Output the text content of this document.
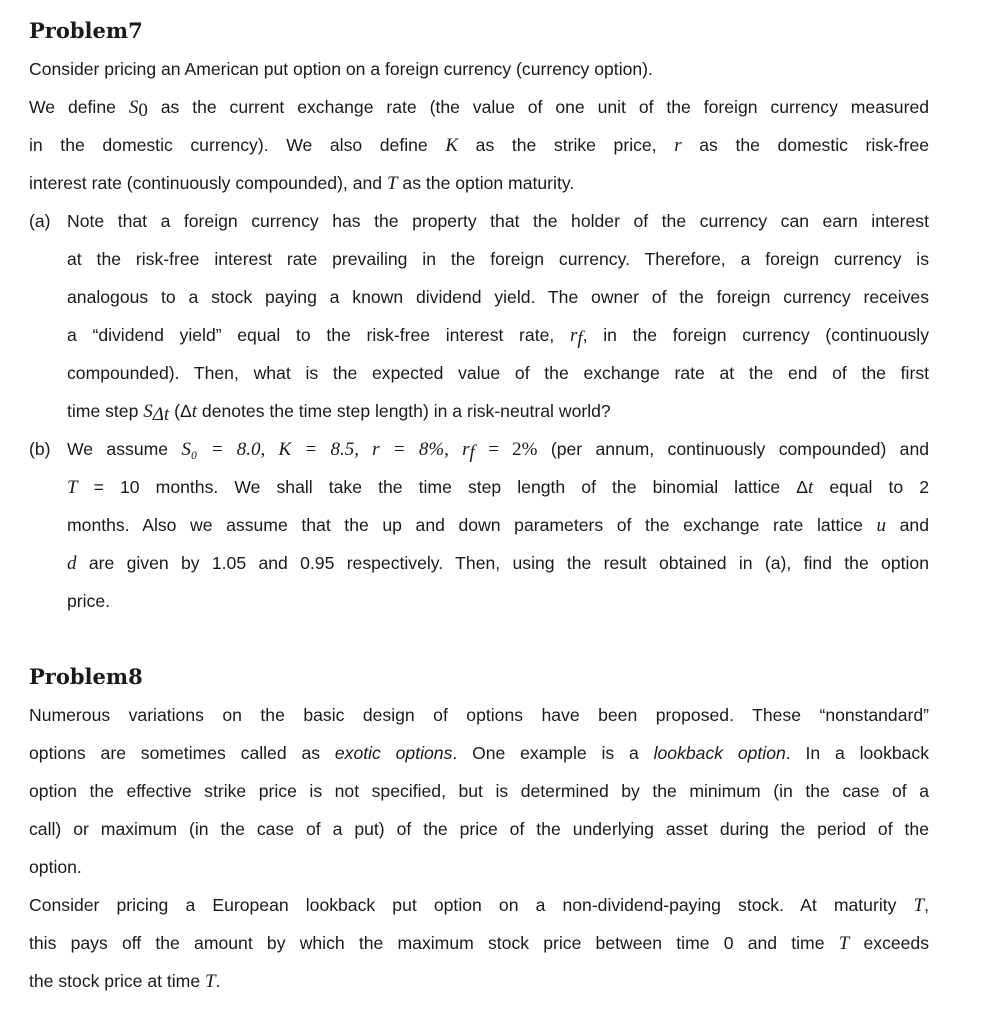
Problem7
Consider pricing an American put option on a foreign currency (currency option).
We define $S_0$ as the current exchange rate (the value of one unit of the foreign currency measured
in the domestic currency). We also define K as the strike price, r as the domestic risk-free
interest rate (continuously compounded), and T as the option maturity.
(a) Note that a foreign currency has the property that the holder of the currency can earn interest
at the risk-free interest rate prevailing in the foreign currency. Therefore, a foreign currency is
analogous to a stock paying a known dividend yield. The owner of the foreign currency receives
a “dividend yield” equal to the risk-free interest rate, $r_f$, in the foreign currency (continuously
compounded). Then, what is the expected value of the exchange rate at the end of the first
time step $S_{\Delta t}$ (Δt denotes the time step length) in a risk-neutral world?
(b) We assume S₀ = 8.0, K = 8.5, r = 8%, $r_f = 2\%$ (per annum, continuously compounded) and
T = 10 months. We shall take the time step length of the binomial lattice Δt equal to 2
months. Also we assume that the up and down parameters of the exchange rate lattice u and
d are given by 1.05 and 0.95 respectively. Then, using the result obtained in (a), find the option
price.
Problem8
Numerous variations on the basic design of options have been proposed. These “nonstandard”
options are sometimes called as exotic options. One example is a lookback option. In a lookback
option the effective strike price is not specified, but is determined by the minimum (in the case of a
call) or maximum (in the case of a put) of the price of the underlying asset during the period of the
option.
Consider pricing a European lookback put option on a non-dividend-paying stock. At maturity T,
this pays off the amount by which the maximum stock price between time 0 and time T exceeds
the stock price at time T.
